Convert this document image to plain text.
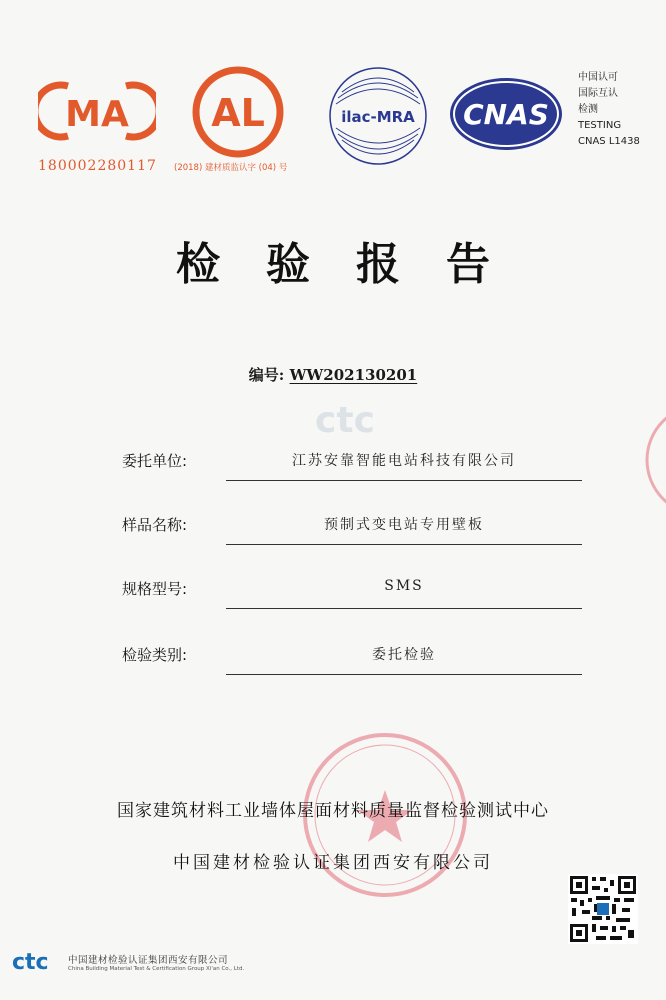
MA
180002280117
AL
(2018) 建材质监认字 (04) 号
ilac-MRA CNAS
中国认可
国际互认
检测
TESTING
CNAS L1438
检验报告
编号: WW202130201
ctc
委托单位:	江苏安靠智能电站科技有限公司
样品名称:	预制式变电站专用壁板
规格型号:	SMS
检验类别:	委托检验
国家建筑材料工业墙体屋面材料质量监督检验测试中心
中国建材检验认证集团西安有限公司
ctc 中国建材检验认证集团西安有限公司
China Building Material Test & Certification Group Xi'an Co., Ltd.
